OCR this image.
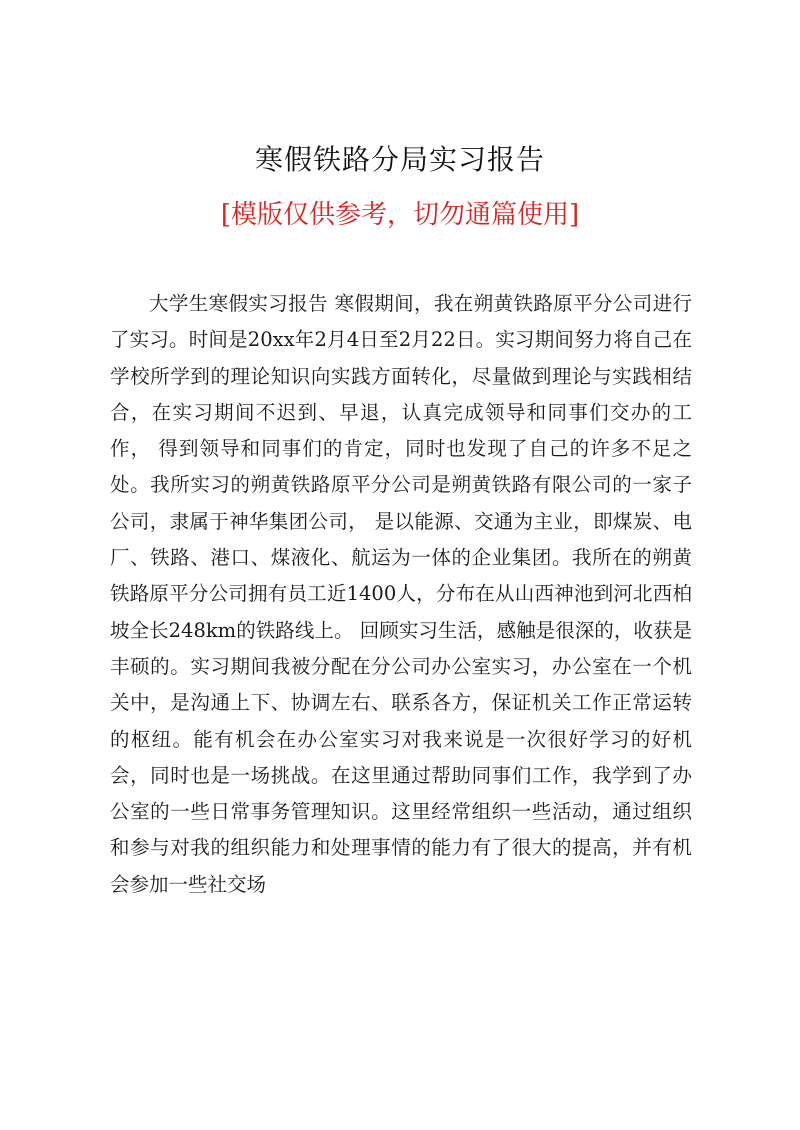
寒假铁路分局实习报告
[模版仅供参考，切勿通篇使用]

大学生寒假实习报告 寒假期间，我在朔黄铁路原平分公司进行了实习。时间是20xx年2月4日至2月22日。实习期间努力将自己在学校所学到的理论知识向实践方面转化，尽量做到理论与实践相结合，在实习期间不迟到、早退，认真完成领导和同事们交办的工作， 得到领导和同事们的肯定，同时也发现了自己的许多不足之处。我所实习的朔黄铁路原平分公司是朔黄铁路有限公司的一家子公司，隶属于神华集团公司， 是以能源、交通为主业，即煤炭、电厂、铁路、港口、煤液化、航运为一体的企业集团。我所在的朔黄铁路原平分公司拥有员工近1400人，分布在从山西神池到河北西柏坡全长248km的铁路线上。 回顾实习生活，感触是很深的，收获是丰硕的。实习期间我被分配在分公司办公室实习，办公室在一个机关中，是沟通上下、协调左右、联系各方，保证机关工作正常运转的枢纽。能有机会在办公室实习对我来说是一次很好学习的好机会，同时也是一场挑战。在这里通过帮助同事们工作，我学到了办公室的一些日常事务管理知识。这里经常组织一些活动，通过组织和参与对我的组织能力和处理事情的能力有了很大的提高，并有机会参加一些社交场
